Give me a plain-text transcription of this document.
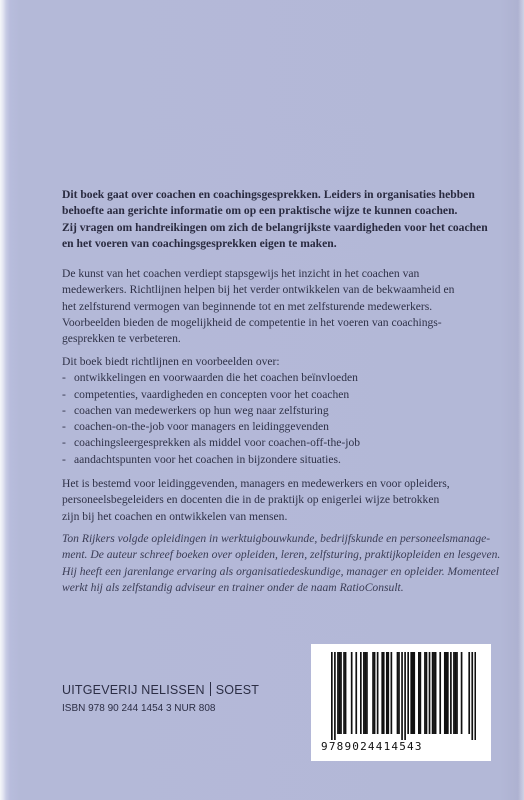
Dit boek gaat over coachen en coachingsgesprekken. Leiders in organisaties hebben
behoefte aan gerichte informatie om op een praktische wijze te kunnen coachen.
Zij vragen om handreikingen om zich de belangrijkste vaardigheden voor het coachen
en het voeren van coachingsgesprekken eigen te maken.
De kunst van het coachen verdiept stapsgewijs het inzicht in het coachen van
medewerkers. Richtlijnen helpen bij het verder ontwikkelen van de bekwaamheid en
het zelfsturend vermogen van beginnende tot en met zelfsturende medewerkers.
Voorbeelden bieden de mogelijkheid de competentie in het voeren van coachings-
gesprekken te verbeteren.
Dit boek biedt richtlijnen en voorbeelden over:
- ontwikkelingen en voorwaarden die het coachen beïnvloeden
- competenties, vaardigheden en concepten voor het coachen
- coachen van medewerkers op hun weg naar zelfsturing
- coachen-on-the-job voor managers en leidinggevenden
- coachingsleergesprekken als middel voor coachen-off-the-job
- aandachtspunten voor het coachen in bijzondere situaties.
Het is bestemd voor leidinggevenden, managers en medewerkers en voor opleiders,
personeelsbegeleiders en docenten die in de praktijk op enigerlei wijze betrokken
zijn bij het coachen en ontwikkelen van mensen.
Ton Rijkers volgde opleidingen in werktuigbouwkunde, bedrijfskunde en personeelsmanage-
ment. De auteur schreef boeken over opleiden, leren, zelfsturing, praktijkopleiden en lesgeven.
Hij heeft een jarenlange ervaring als organisatiedeskundige, manager en opleider. Momenteel
werkt hij als zelfstandig adviseur en trainer onder de naam RatioConsult.
UITGEVERIJ NELISSEN SOEST
ISBN 978 90 244 1454 3 NUR 808
9789024414543
